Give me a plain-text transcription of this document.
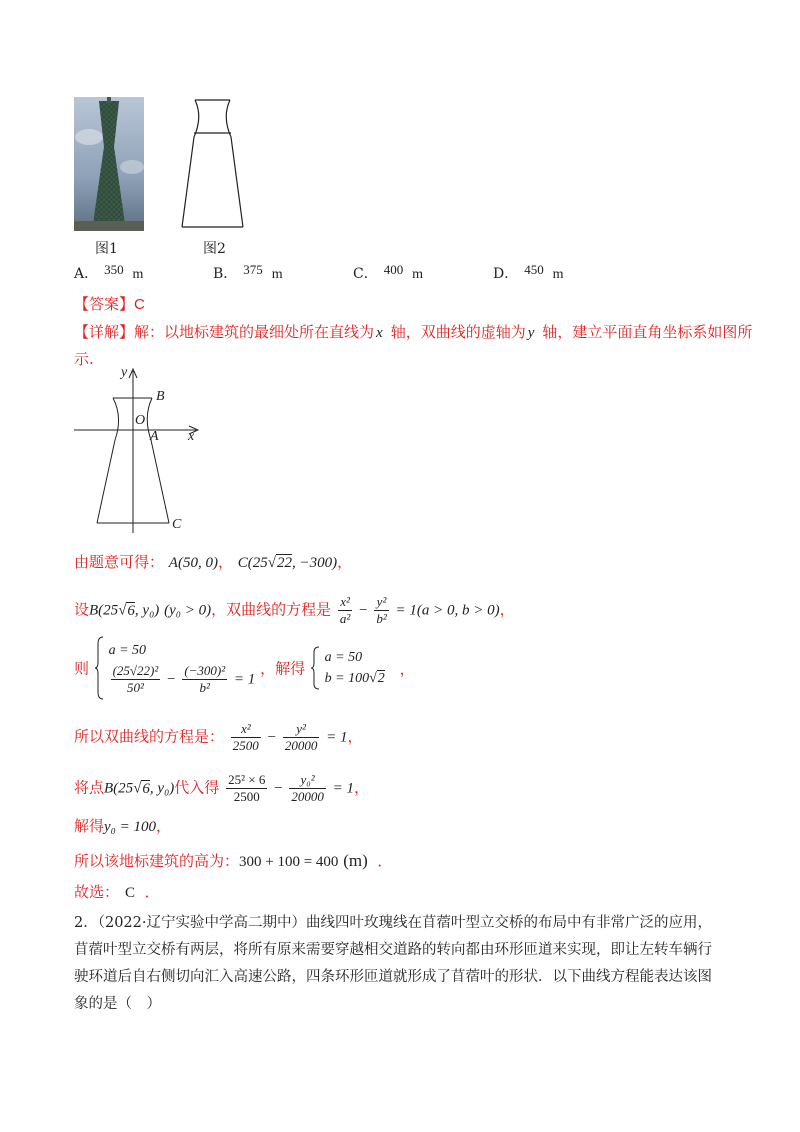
图1	图2
A． 350 m	B． 375 m	C． 400 m	D． 450 m
【答案】C
【详解】解：以地标建筑的最细处所在直线为 x 轴，双曲线的虚轴为 y 轴，建立平面直角坐标系如图所
示.
y
x
B
O
A
C
由题意可得： A(50, 0)， C(25√22, −300)，
设B(25√6, y₀) (y₀ > 0)，双曲线的方程是 $\frac{\text{x²}}{\text{a²}} - \frac{\text{y²}}{\text{b²}} = 1(a > 0$, b > 0)，
则
a = 50
$\frac{\text{(25√22)²}}{\text{50²}} - \frac{\text{(−300)²}}{\text{b²}} = 1$
，解得
a = 50
b = 100√2
，
所以双曲线的方程是： $\frac{\text{x²}}{2500} - \frac{\text{y²}}{20000} = 1$，
将点B(25√6, y₀)代入得 $\frac{\text{25² × 6}}{2500} - \frac{\text{y₀²}}{20000} = 1$，
解得y₀ = 100，
所以该地标建筑的高为：300 + 100 = 400 (m) ．
故选： C ．
2．（2022·辽宁实验中学高二期中）曲线四叶玫瑰线在苜蓿叶型立交桥的布局中有非常广泛的应用，苜蓿叶型立交桥有两层，将所有原来需要穿越相交道路的转向都由环形匝道来实现，即让左转车辆行驶环道后自右侧切向汇入高速公路，四条环形匝道就形成了苜蓿叶的形状．以下曲线方程能表达该图象的是（　）
